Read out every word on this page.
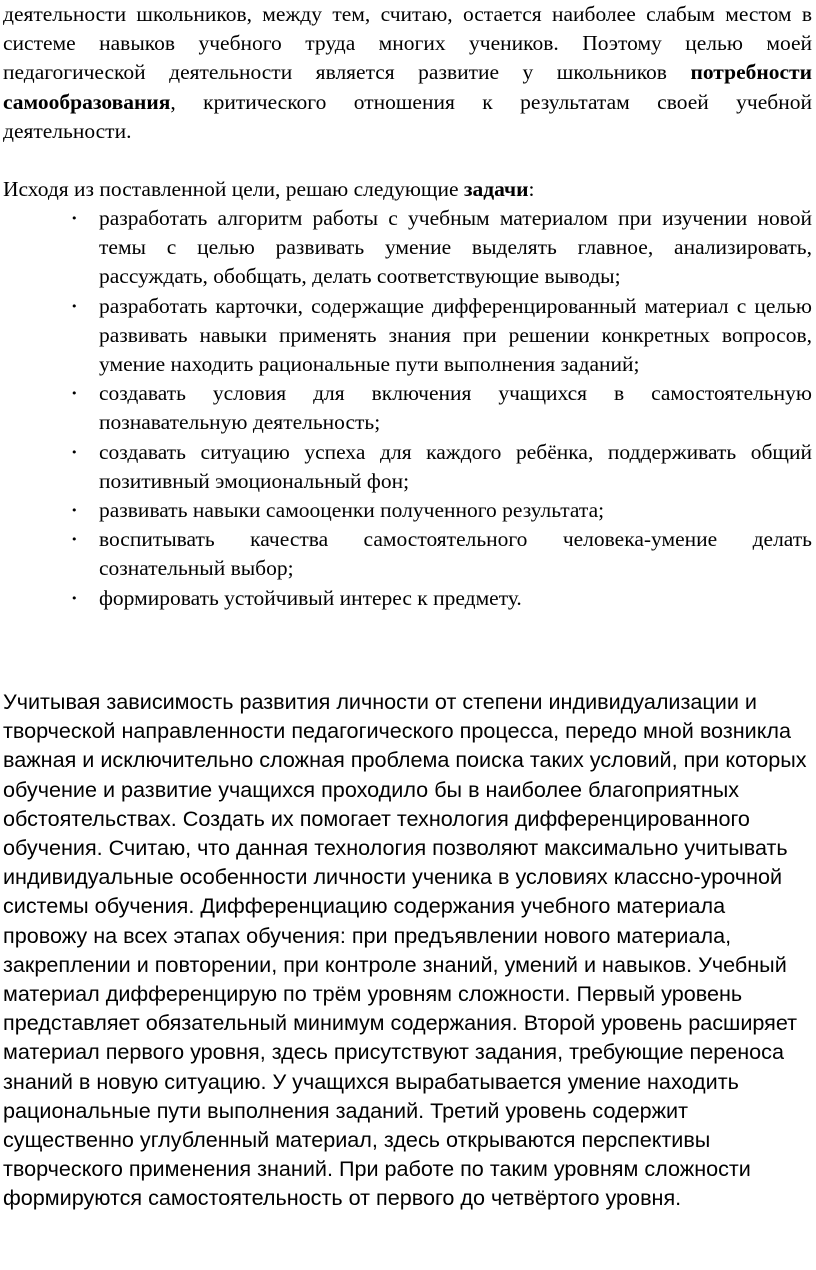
деятельности школьников, между тем, считаю, остается наиболее слабым местом в системе навыков учебного труда многих учеников. Поэтому целью моей педагогической деятельности является развитие у школьников потребности самообразования, критического отношения к результатам своей учебной деятельности.

Исходя из поставленной цели, решаю следующие задачи:

• разработать алгоритм работы с учебным материалом при изучении новой темы с целью развивать умение выделять главное, анализировать, рассуждать, обобщать, делать соответствующие выводы;
• разработать карточки, содержащие дифференцированный материал с целью развивать навыки применять знания при решении конкретных вопросов, умение находить рациональные пути выполнения заданий;
• создавать условия для включения учащихся в самостоятельную познавательную деятельность;
• создавать ситуацию успеха для каждого ребёнка, поддерживать общий позитивный эмоциональный фон;
• развивать навыки самооценки полученного результата;
• воспитывать качества самостоятельного человека-умение делать сознательный выбор;
• формировать устойчивый интерес к предмету.

Учитывая зависимость развития личности от степени индивидуализации и творческой направленности педагогического процесса, передо мной возникла важная и исключительно сложная проблема поиска таких условий, при которых обучение и развитие учащихся проходило бы в наиболее благоприятных обстоятельствах. Создать их помогает технология дифференцированного обучения. Считаю, что данная технология позволяют максимально учитывать индивидуальные особенности личности ученика в условиях классно-урочной системы обучения. Дифференциацию содержания учебного материала провожу на всех этапах обучения: при предъявлении нового материала, закреплении и повторении, при контроле знаний, умений и навыков. Учебный материал дифференцирую по трём уровням сложности. Первый уровень представляет обязательный минимум содержания. Второй уровень расширяет материал первого уровня, здесь присутствуют задания, требующие переноса знаний в новую ситуацию. У учащихся вырабатывается умение находить рациональные пути выполнения заданий. Третий уровень содержит существенно углубленный материал, здесь открываются перспективы творческого применения знаний. При работе по таким уровням сложности формируются самостоятельность от первого до четвёртого уровня.
